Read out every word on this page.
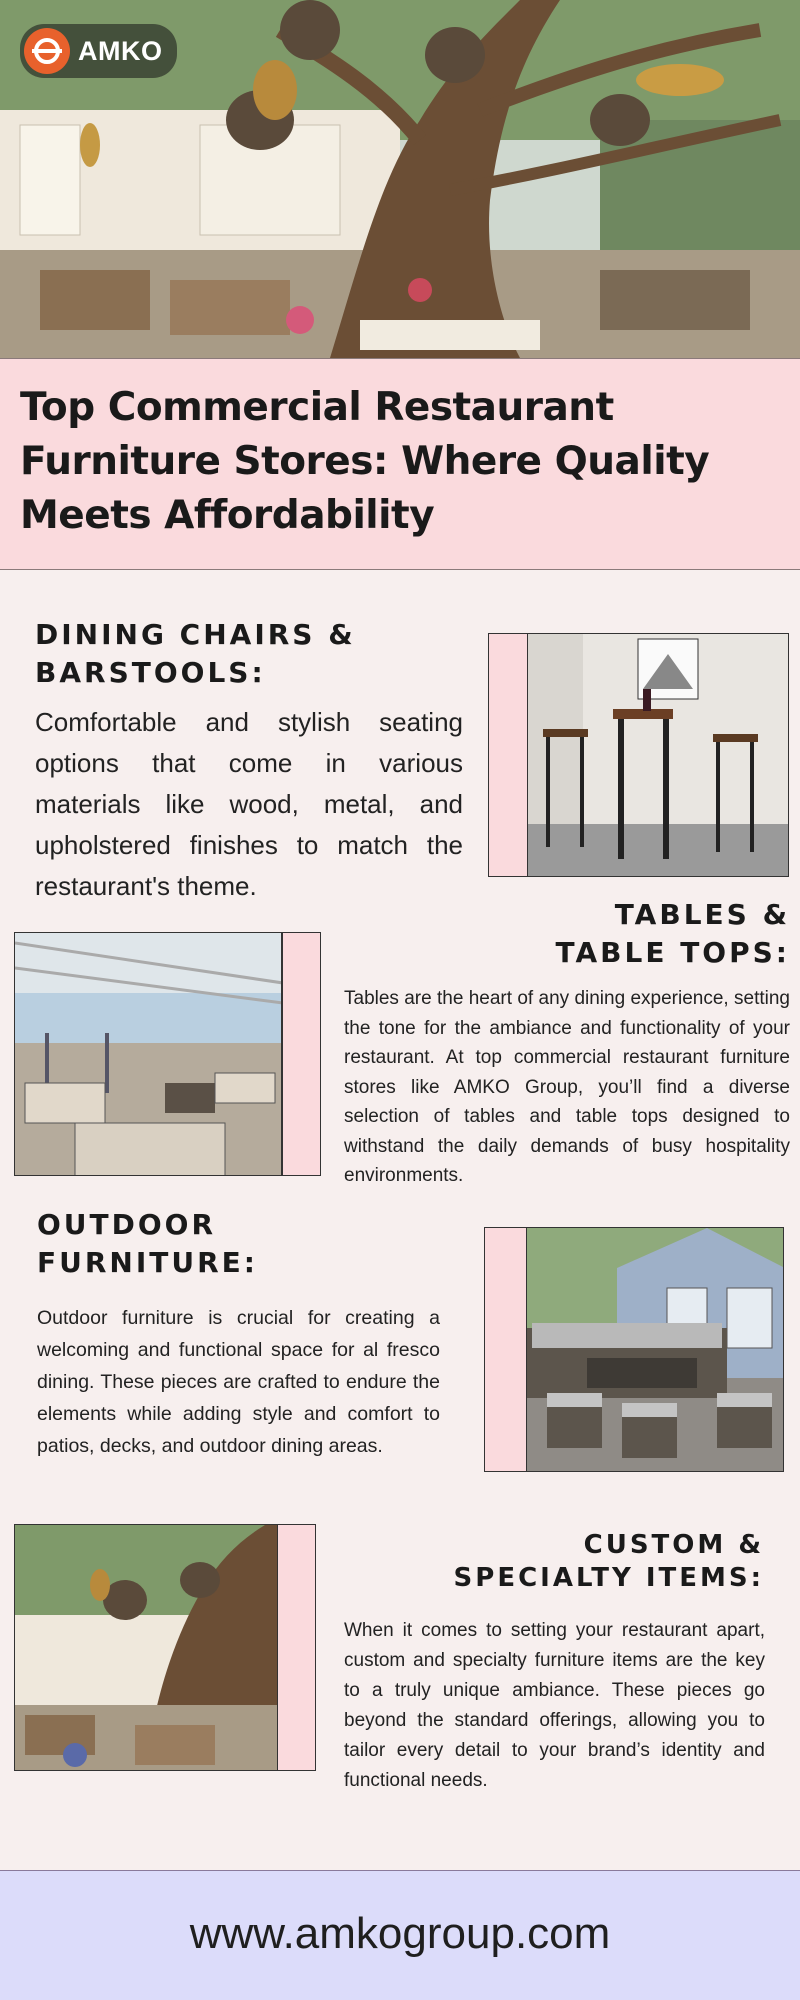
AMKO
Top Commercial Restaurant Furniture Stores: Where Quality Meets Affordability
DINING CHAIRS &
BARSTOOLS:
Comfortable and stylish seating options that come in various materials like wood, metal, and upholstered finishes to match the restaurant's theme.
TABLES &
TABLE TOPS:
Tables are the heart of any dining experience, setting the tone for the ambiance and functionality of your restaurant. At top commercial restaurant furniture stores like AMKO Group, you’ll find a diverse selection of tables and table tops designed to withstand the daily demands of busy hospitality environments.
OUTDOOR
FURNITURE:
Outdoor furniture is crucial for creating a welcoming and functional space for al fresco dining. These pieces are crafted to endure the elements while adding style and comfort to patios, decks, and outdoor dining areas.
CUSTOM &
SPECIALTY ITEMS:
When it comes to setting your restaurant apart, custom and specialty furniture items are the key to a truly unique ambiance. These pieces go beyond the standard offerings, allowing you to tailor every detail to your brand’s identity and functional needs.
www.amkogroup.com
